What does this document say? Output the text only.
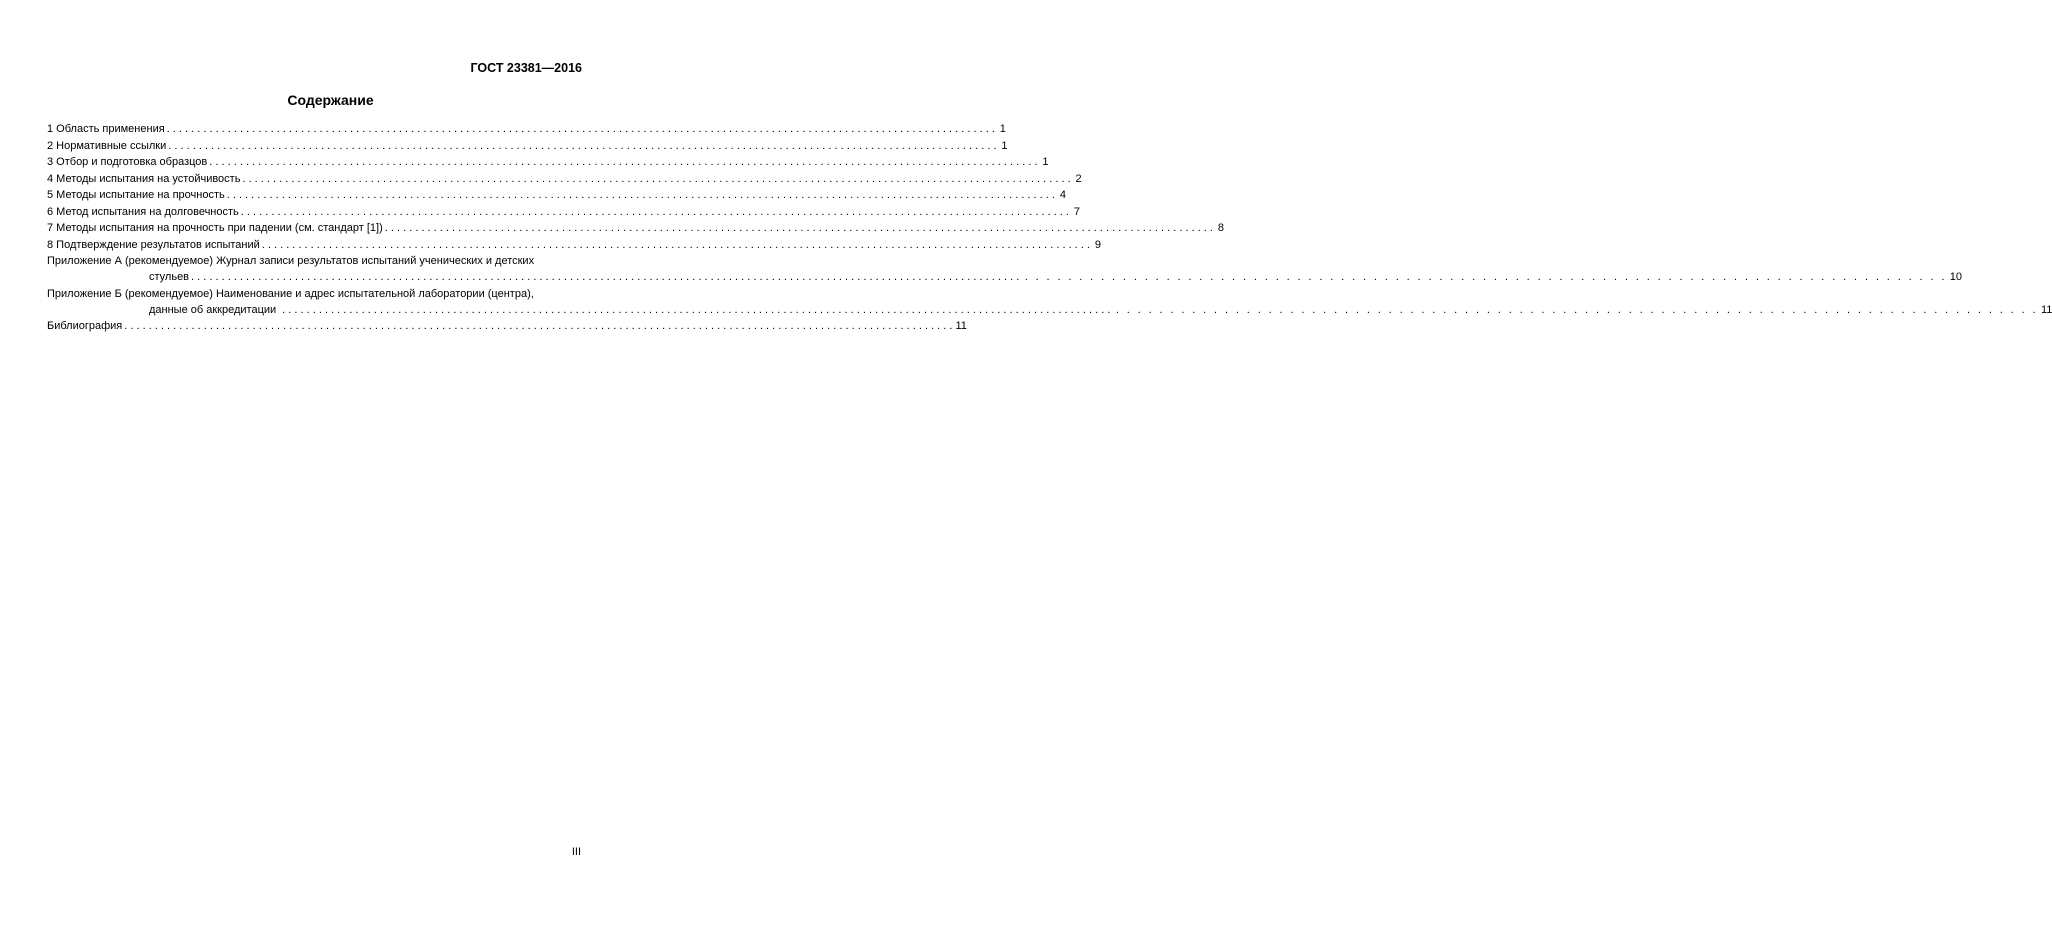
ГОСТ 23381—2016
Содержание
1 Область применения . . .	1
2 Нормативные ссылки . . .	1
3 Отбор и подготовка образцов . . .	1
4 Методы испытания на устойчивость . . .	2
5 Методы испытание на прочность . . .	4
6 Метод испытания на долговечность . . .	7
7 Методы испытания на прочность при падении (см. стандарт [1]) . . .	8
8 Подтверждение результатов испытаний . . .	9
Приложение А (рекомендуемое) Журнал записи результатов испытаний ученических и детских
стульев	. . . . . . . . . . . . . . . . . . . . . . . . . . . . . . . . . . . . . . . . . . . . . . . . . . . . . . . . . . . . . . . . . . . . . . . . . . . . . . . . . . . . . . . . 10
Приложение Б (рекомендуемое) Наименование и адрес испытательной лаборатории (центра),
данные об аккредитации	. . . . . . . . . . . . . . . . . . . . . . . . . . . . . . . . . . . . . . . . . . . . . . . . . . . . . . . . . . . . . . . . . . . . . . . . . . . . . . . . . . . . . . . . 11
Библиография . . .	11
III
